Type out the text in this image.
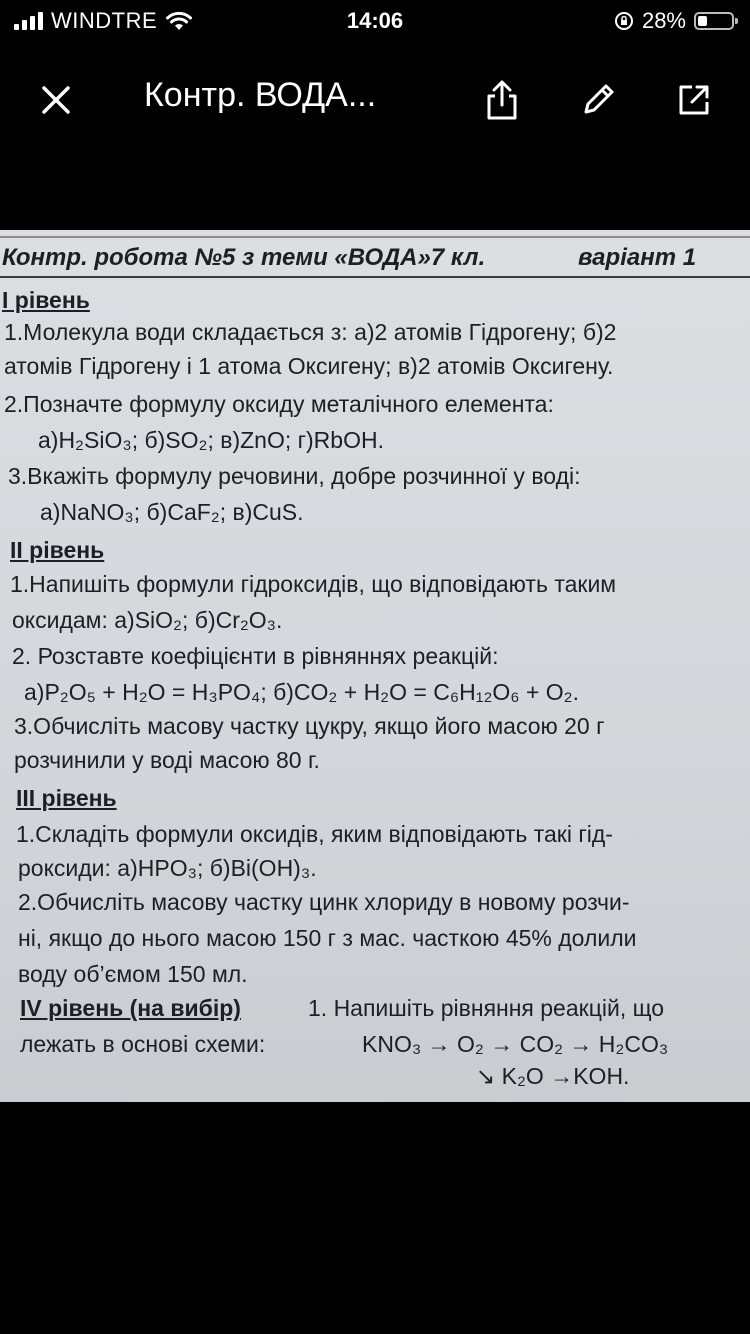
WINDTRE	14:06	28%
Контр. ВОДА...
Контр. робота №5 з теми «ВОДА»7 кл.	варіант 1
І рівень
1.Молекула води складається з: а)2 атомів Гідрогену; б)2
атомів Гідрогену і 1 атома Оксигену; в)2 атомів Оксигену.
2.Позначте формулу оксиду металічного елемента:
а)H₂SiO₃; б)SO₂; в)ZnO; г)RbOH.
3.Вкажіть формулу речовини, добре розчинної у воді:
а)NaNO₃; б)CaF₂; в)CuS.
ІІ рівень
1.Напишіть формули гідроксидів, що відповідають таким
оксидам: а)SiO₂; б)Cr₂O₃.
2. Розставте коефіцієнти в рівняннях реакцій:
а)P₂O₅ + H₂O = H₃PO₄; б)CO₂ + H₂O = C₆H₁₂O₆ + O₂.
3.Обчисліть масову частку цукру, якщо його масою 20 г
розчинили у воді масою 80 г.
ІІІ рівень
1.Складіть формули оксидів, яким відповідають такі гід-
роксиди: а)HPO₃; б)Bi(OH)₃.
2.Обчисліть масову частку цинк хлориду в новому розчи-
ні, якщо до нього масою 150 г з мас. часткою 45% долили
воду об’ємом 150 мл.
ІV рівень (на вибір)	1. Напишіть рівняння реакцій, що
лежать в основі схеми:	KNO₃ → O₂ → CO₂ → H₂CO₃
↘ K₂O →KOH.
